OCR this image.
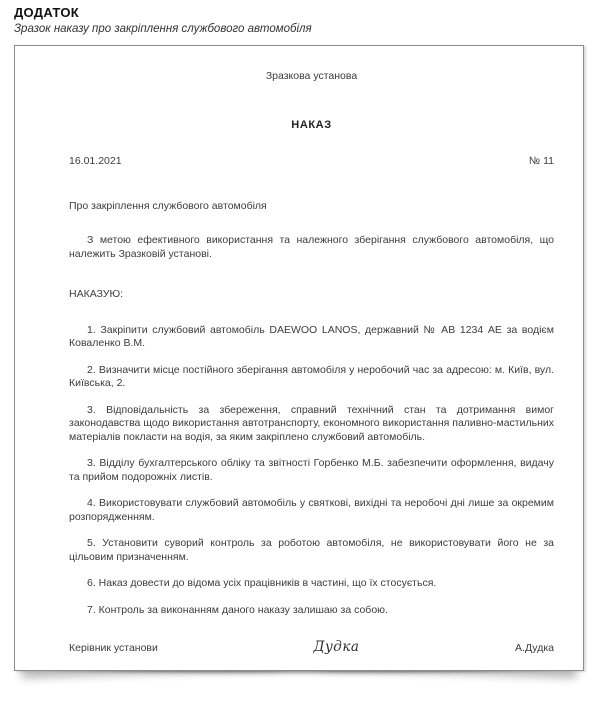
ДОДАТОК
Зразок наказу про закріплення службового автомобіля
Зразкова установа
НАКАЗ
16.01.2021	№ 11
Про закріплення службового автомобіля

З метою ефективного використання та належного зберігання службового автомобіля, що належить Зразковій установі.

НАКАЗУЮ:

1. Закріпити службовий автомобіль DAEWOO LANOS, державний № АВ 1234 АЕ за водієм Коваленко В.М.

2. Визначити місце постійного зберігання автомобіля у неробочий час за адресою: м. Київ, вул. Київська, 2.

3. Відповідальність за збереження, справний технічний стан та дотримання вимог законодавства щодо використання автотранспорту, економного використання паливно-мастильних матеріалів покласти на водія, за яким закріплено службовий автомобіль.

3. Відділу бухгалтерського обліку та звітності Горбенко М.Б. забезпечити оформлення, видачу та прийом подорожніх листів.

4. Використовувати службовий автомобіль у святкові, вихідні та неробочі дні лише за окремим розпорядженням.

5. Установити суворий контроль за роботою автомобіля, не використовувати його не за цільовим призначенням.

6. Наказ довести до відома усіх працівників в частині, що їх стосується.

7. Контроль за виконанням даного наказу залишаю за собою.

Керівник установи	Дудка	А.Дудка
